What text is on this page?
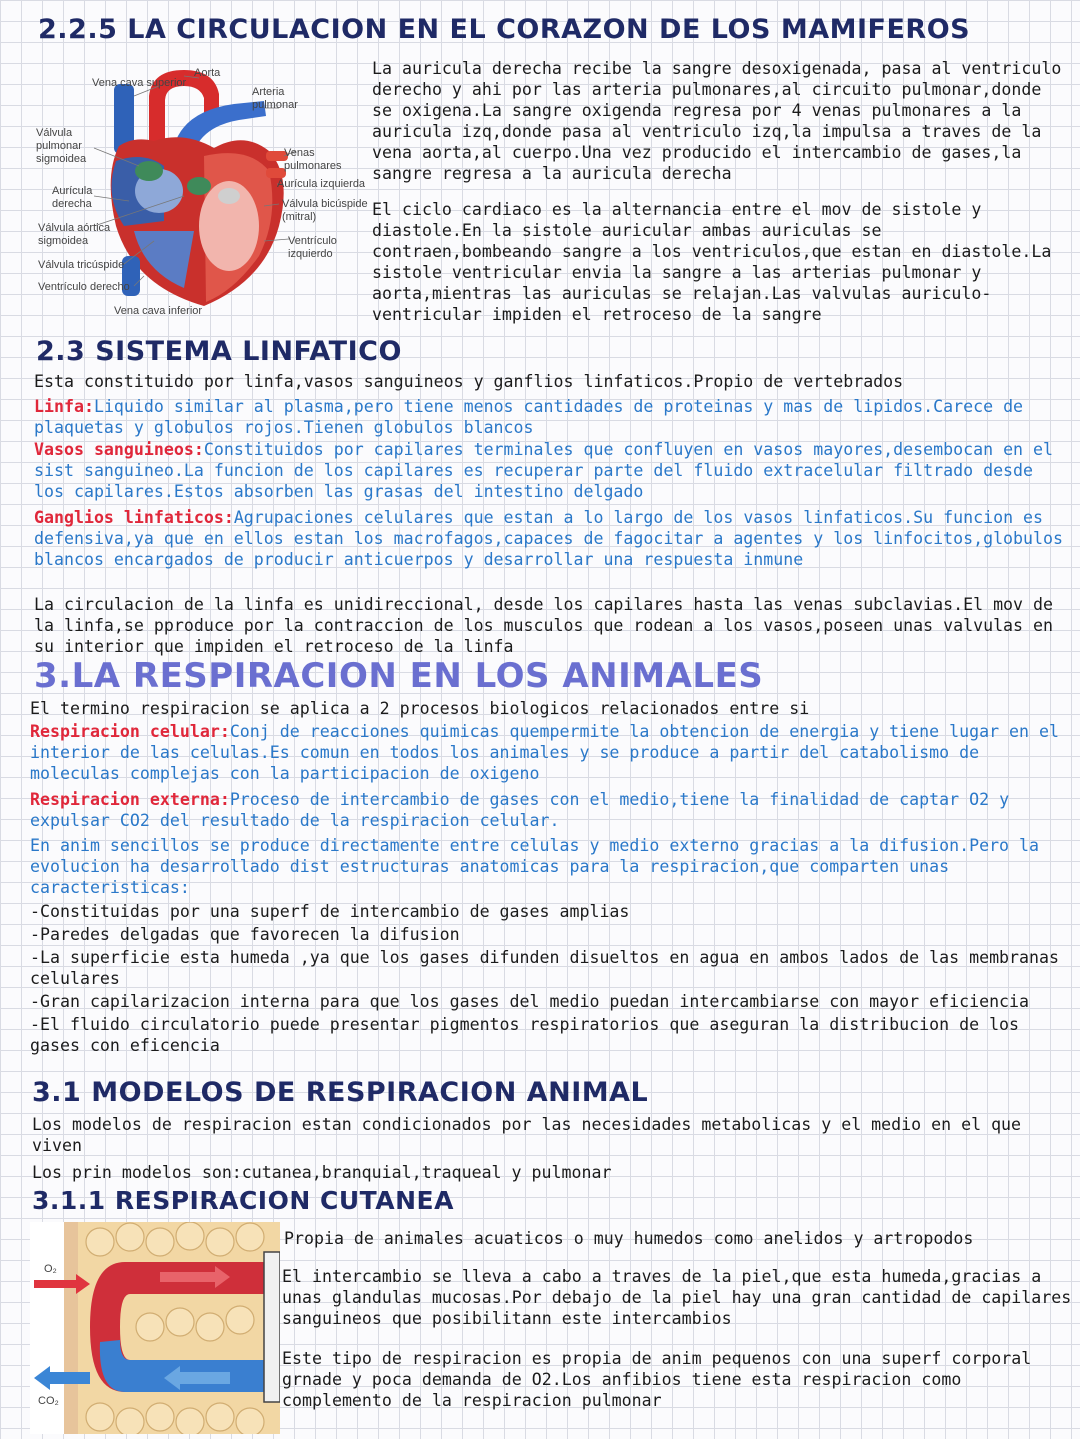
2.2.5 LA CIRCULACION EN EL CORAZON DE LOS MAMIFEROS
Aorta
Vena cava superior
Arteria
pulmonar
Válvula
pulmonar
sigmoidea	Venas
pulmonares
Aurícula izquierda
Aurícula
derecha	Válvula bicúspide
(mitral)
Válvula aórtica
sigmoidea	Ventrículo
izquierdo
Válvula tricúspide
Ventrículo derecho
Vena cava inferior

La auricula derecha recibe la sangre desoxigenada, pasa al ventriculo derecho y ahi por las arteria pulmonares,al circuito pulmonar,donde se oxigena.La sangre oxigenda regresa por 4 venas pulmonares a la auricula izq,donde pasa al ventriculo izq,la impulsa a traves de la vena aorta,al cuerpo.Una vez producido el intercambio de gases,la sangre regresa a la auricula derecha

El ciclo cardiaco es la alternancia entre el mov de sistole y diastole.En la sistole auricular ambas auriculas se contraen,bombeando sangre a los ventriculos,que estan en diastole.La sistole ventricular envia la sangre a las arterias pulmonar y aorta,mientras las auriculas se relajan.Las valvulas auriculo-ventricular impiden el retroceso de la sangre

2.3 SISTEMA LINFATICO

Esta constituido por linfa,vasos sanguineos y ganflios linfaticos.Propio de vertebrados

Linfa:Liquido similar al plasma,pero tiene menos cantidades de proteinas y mas de lipidos.Carece de plaquetas y globulos rojos.Tienen globulos blancos

Vasos sanguineos:Constituidos por capilares terminales que confluyen en vasos mayores,desembocan en el sist sanguineo.La funcion de los capilares es recuperar parte del fluido extracelular filtrado desde los capilares.Estos absorben las grasas del intestino delgado

Ganglios linfaticos:Agrupaciones celulares que estan a lo largo de los vasos linfaticos.Su funcion es defensiva,ya que en ellos estan los macrofagos,capaces de fagocitar a agentes y los linfocitos,globulos blancos encargados de producir anticuerpos y desarrollar una respuesta inmune

La circulacion de la linfa es unidireccional, desde los capilares hasta las venas subclavias.El mov de la linfa,se pproduce por la contraccion de los musculos que rodean a los vasos,poseen unas valvulas en su interior que impiden el retroceso de la linfa

3.LA RESPIRACION EN LOS ANIMALES

El termino respiracion se aplica a 2 procesos biologicos relacionados entre si

Respiracion celular:Conj de reacciones quimicas quempermite la obtencion de energia y tiene lugar en el interior de las celulas.Es comun en todos los animales y se produce a partir del catabolismo de moleculas complejas con la participacion de oxigeno

Respiracion externa:Proceso de intercambio de gases con el medio,tiene la finalidad de captar O2 y expulsar CO2 del resultado de la respiracion celular.

En anim sencillos se produce directamente entre celulas y medio externo gracias a la difusion.Pero la evolucion ha desarrollado dist estructuras anatomicas para la respiracion,que comparten unas caracteristicas:

-Constituidas por una superf de intercambio de gases amplias

-Paredes delgadas que favorecen la difusion

-La superficie esta humeda ,ya que los gases difunden disueltos en agua en ambos lados de las membranas celulares

-Gran capilarizacion interna para que los gases del medio puedan intercambiarse con mayor eficiencia

-El fluido circulatorio puede presentar pigmentos respiratorios que aseguran la distribucion de los gases con eficencia

3.1 MODELOS DE RESPIRACION ANIMAL

Los modelos de respiracion estan condicionados por las necesidades metabolicas y el medio en el que viven

Los prin modelos son:cutanea,branquial,traqueal y pulmonar

3.1.1 RESPIRACION CUTANEA
O₂
CO₂

Propia de animales acuaticos o muy humedos como anelidos y artropodos

El intercambio se lleva a cabo a traves de la piel,que esta humeda,gracias a unas glandulas mucosas.Por debajo de la piel hay una gran cantidad de capilares sanguineos que posibilitann este intercambios

Este tipo de respiracion es propia de anim pequenos con una superf corporal grnade y poca demanda de O2.Los anfibios tiene esta respiracion como complemento de la respiracion pulmonar
